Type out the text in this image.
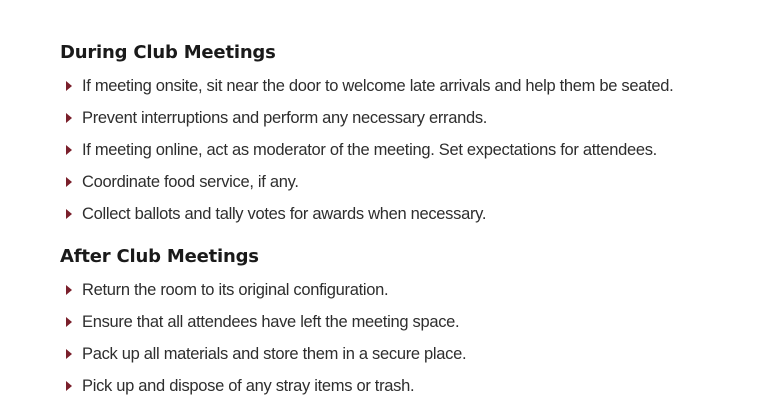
During Club Meetings
If meeting onsite, sit near the door to welcome late arrivals and help them be seated.
Prevent interruptions and perform any necessary errands.
If meeting online, act as moderator of the meeting. Set expectations for attendees.
Coordinate food service, if any.
Collect ballots and tally votes for awards when necessary.
After Club Meetings
Return the room to its original configuration.
Ensure that all attendees have left the meeting space.
Pack up all materials and store them in a secure place.
Pick up and dispose of any stray items or trash.
